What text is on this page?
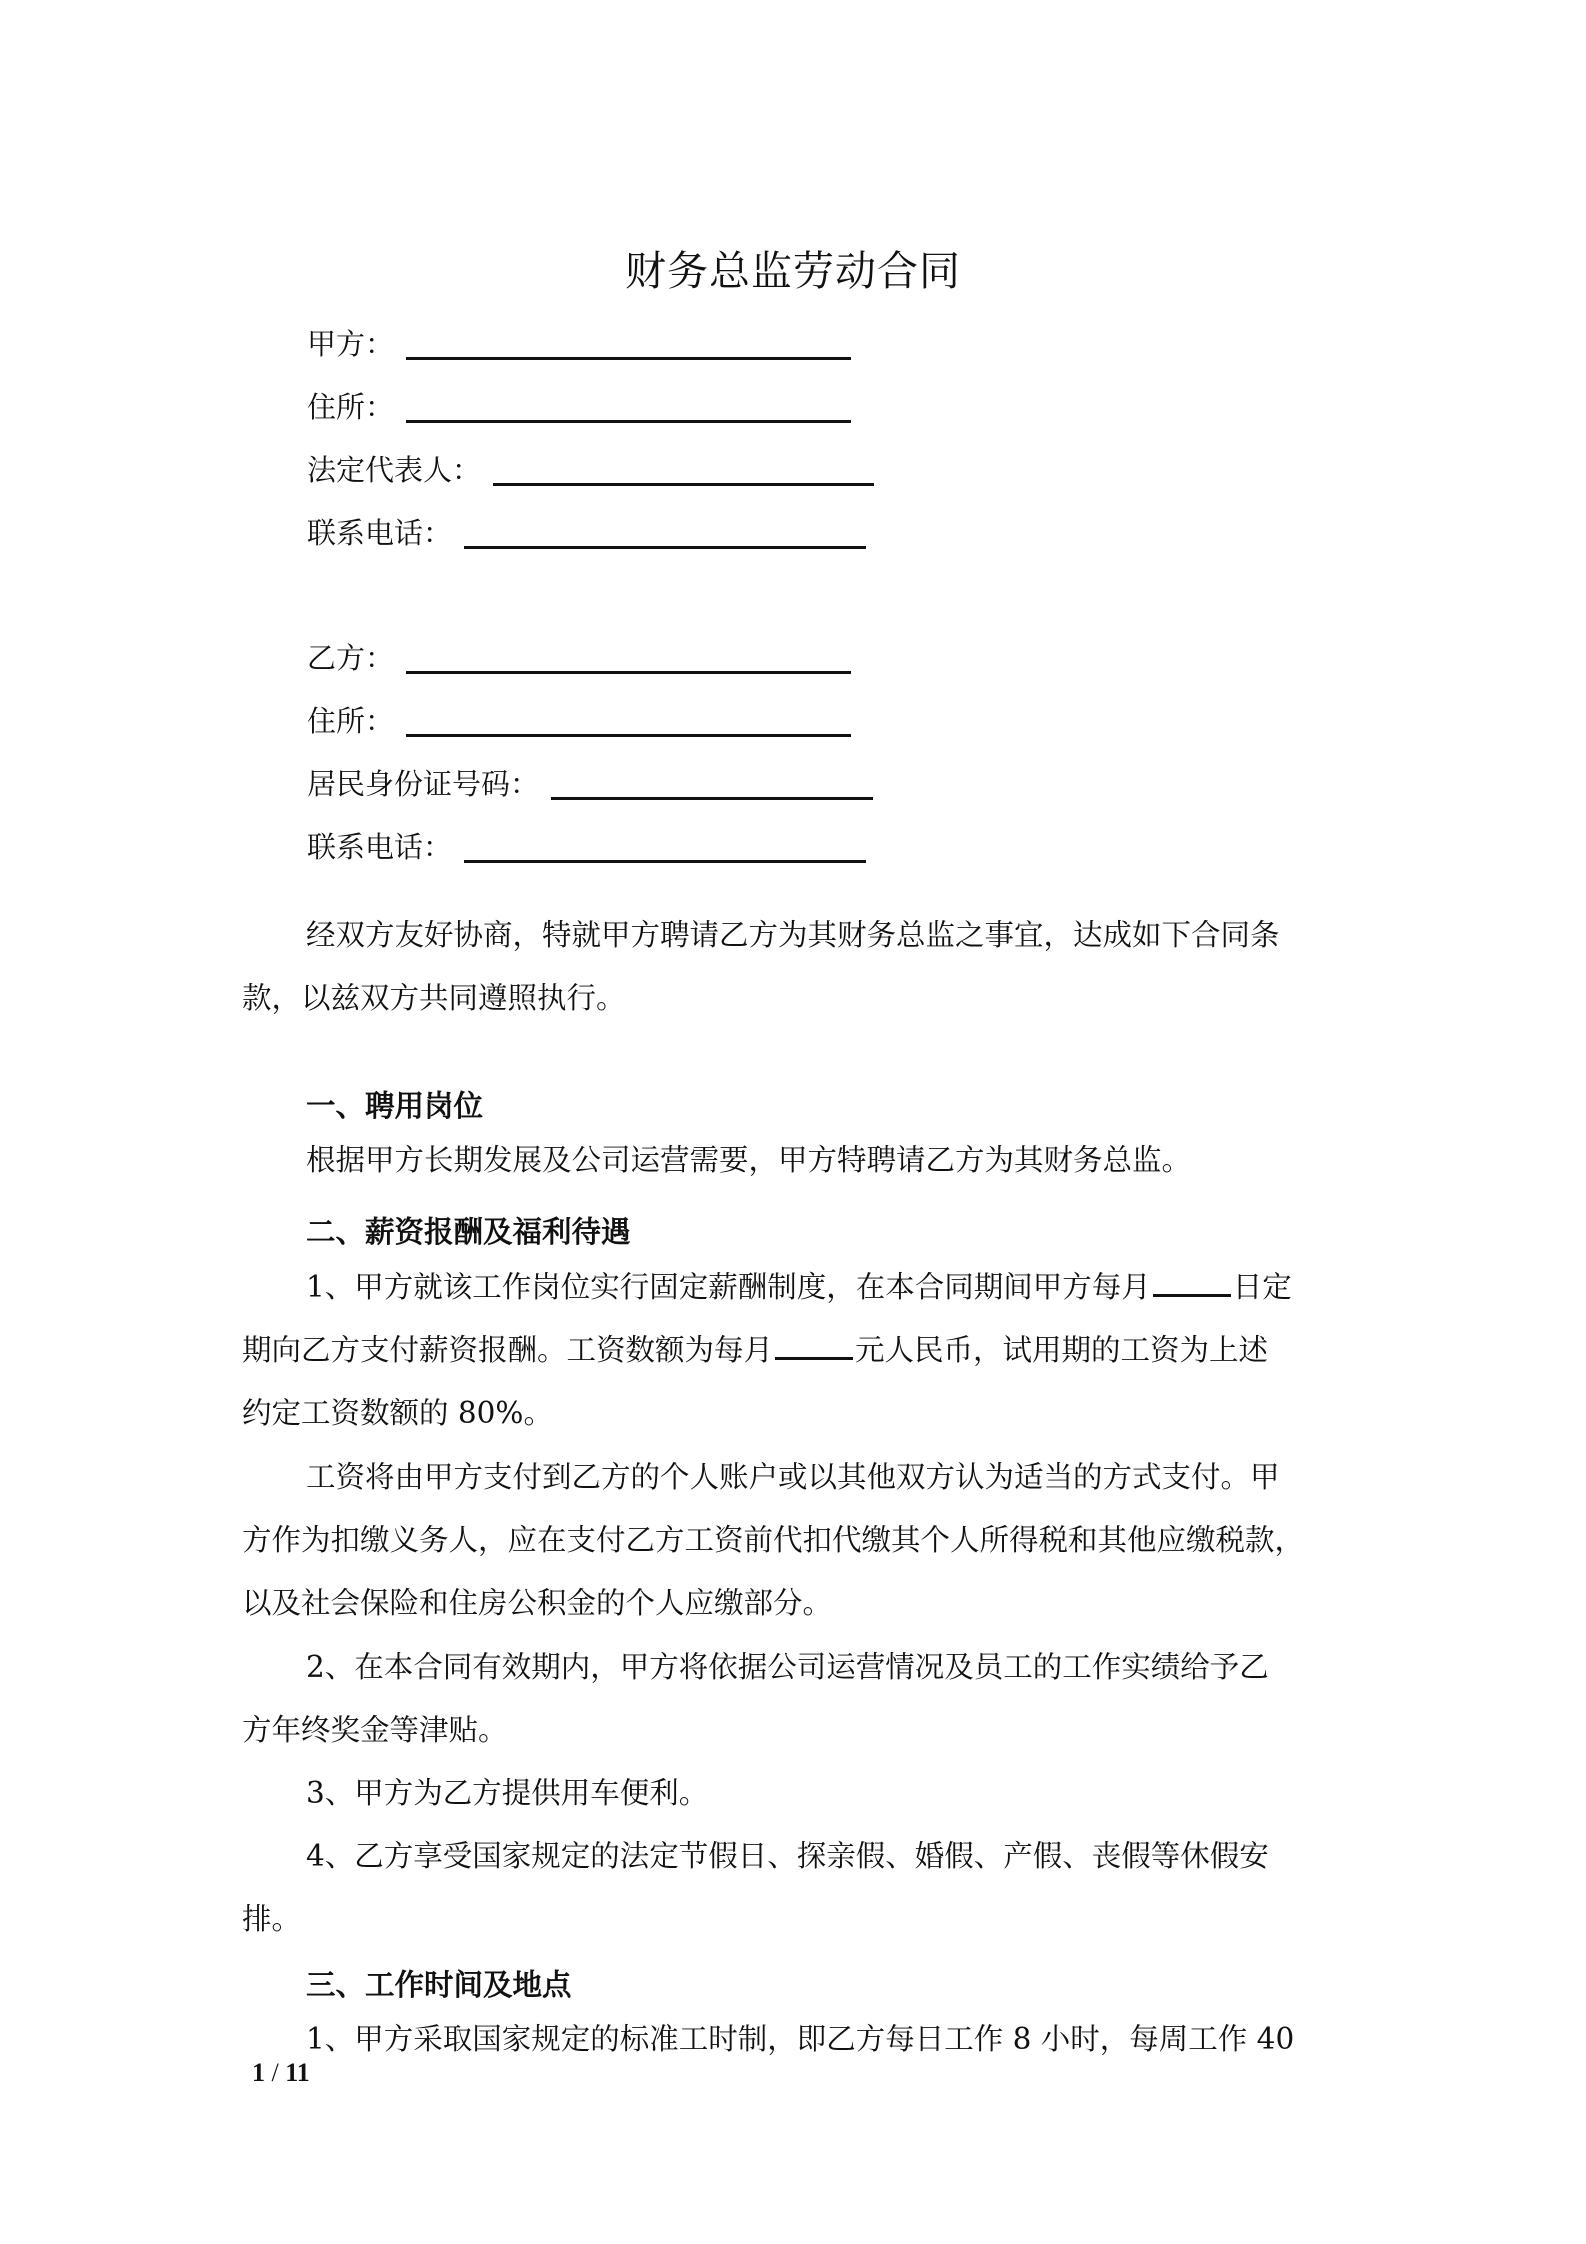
财务总监劳动合同
甲方：
住所：
法定代表人：
联系电话：
乙方：
住所：
居民身份证号码：
联系电话：
经双方友好协商，特就甲方聘请乙方为其财务总监之事宜，达成如下合同条
款，以兹双方共同遵照执行。
一、聘用岗位
根据甲方长期发展及公司运营需要，甲方特聘请乙方为其财务总监。
二、薪资报酬及福利待遇
1、甲方就该工作岗位实行固定薪酬制度，在本合同期间甲方每月	日定
期向乙方支付薪资报酬。工资数额为每月	元人民币，试用期的工资为上述
约定工资数额的 80%。
工资将由甲方支付到乙方的个人账户或以其他双方认为适当的方式支付。甲
方作为扣缴义务人，应在支付乙方工资前代扣代缴其个人所得税和其他应缴税款，
以及社会保险和住房公积金的个人应缴部分。
2、在本合同有效期内，甲方将依据公司运营情况及员工的工作实绩给予乙
方年终奖金等津贴。
3、甲方为乙方提供用车便利。
4、乙方享受国家规定的法定节假日、探亲假、婚假、产假、丧假等休假安
排。
三、工作时间及地点
1、甲方采取国家规定的标准工时制，即乙方每日工作 8 小时，每周工作 40
1 / 11
